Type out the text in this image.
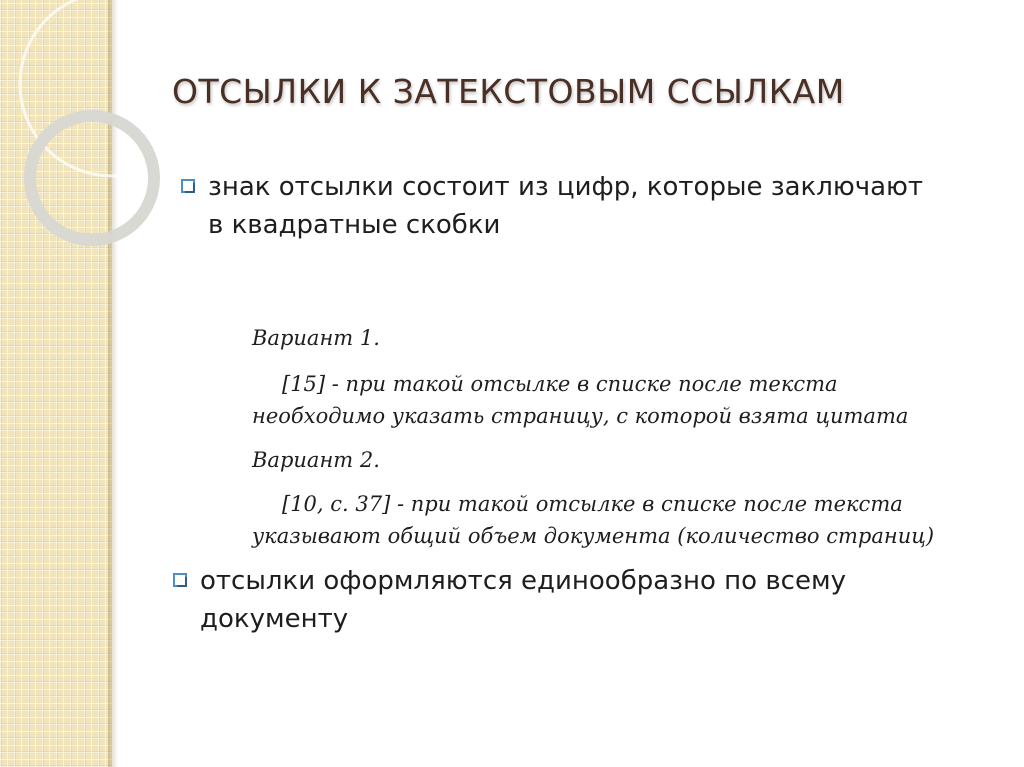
ОТСЫЛКИ К ЗАТЕКСТОВЫМ ССЫЛКАМ
знак отсылки состоит из цифр, которые заключают
в квадратные скобки
Вариант 1.
[15] - при такой отсылке в списке после текста
необходимо указать страницу, с которой взята цитата
Вариант 2.
[10, с. 37] - при такой отсылке в списке после текста
указывают общий объем документа (количество страниц)
отсылки оформляются единообразно по всему
документу
